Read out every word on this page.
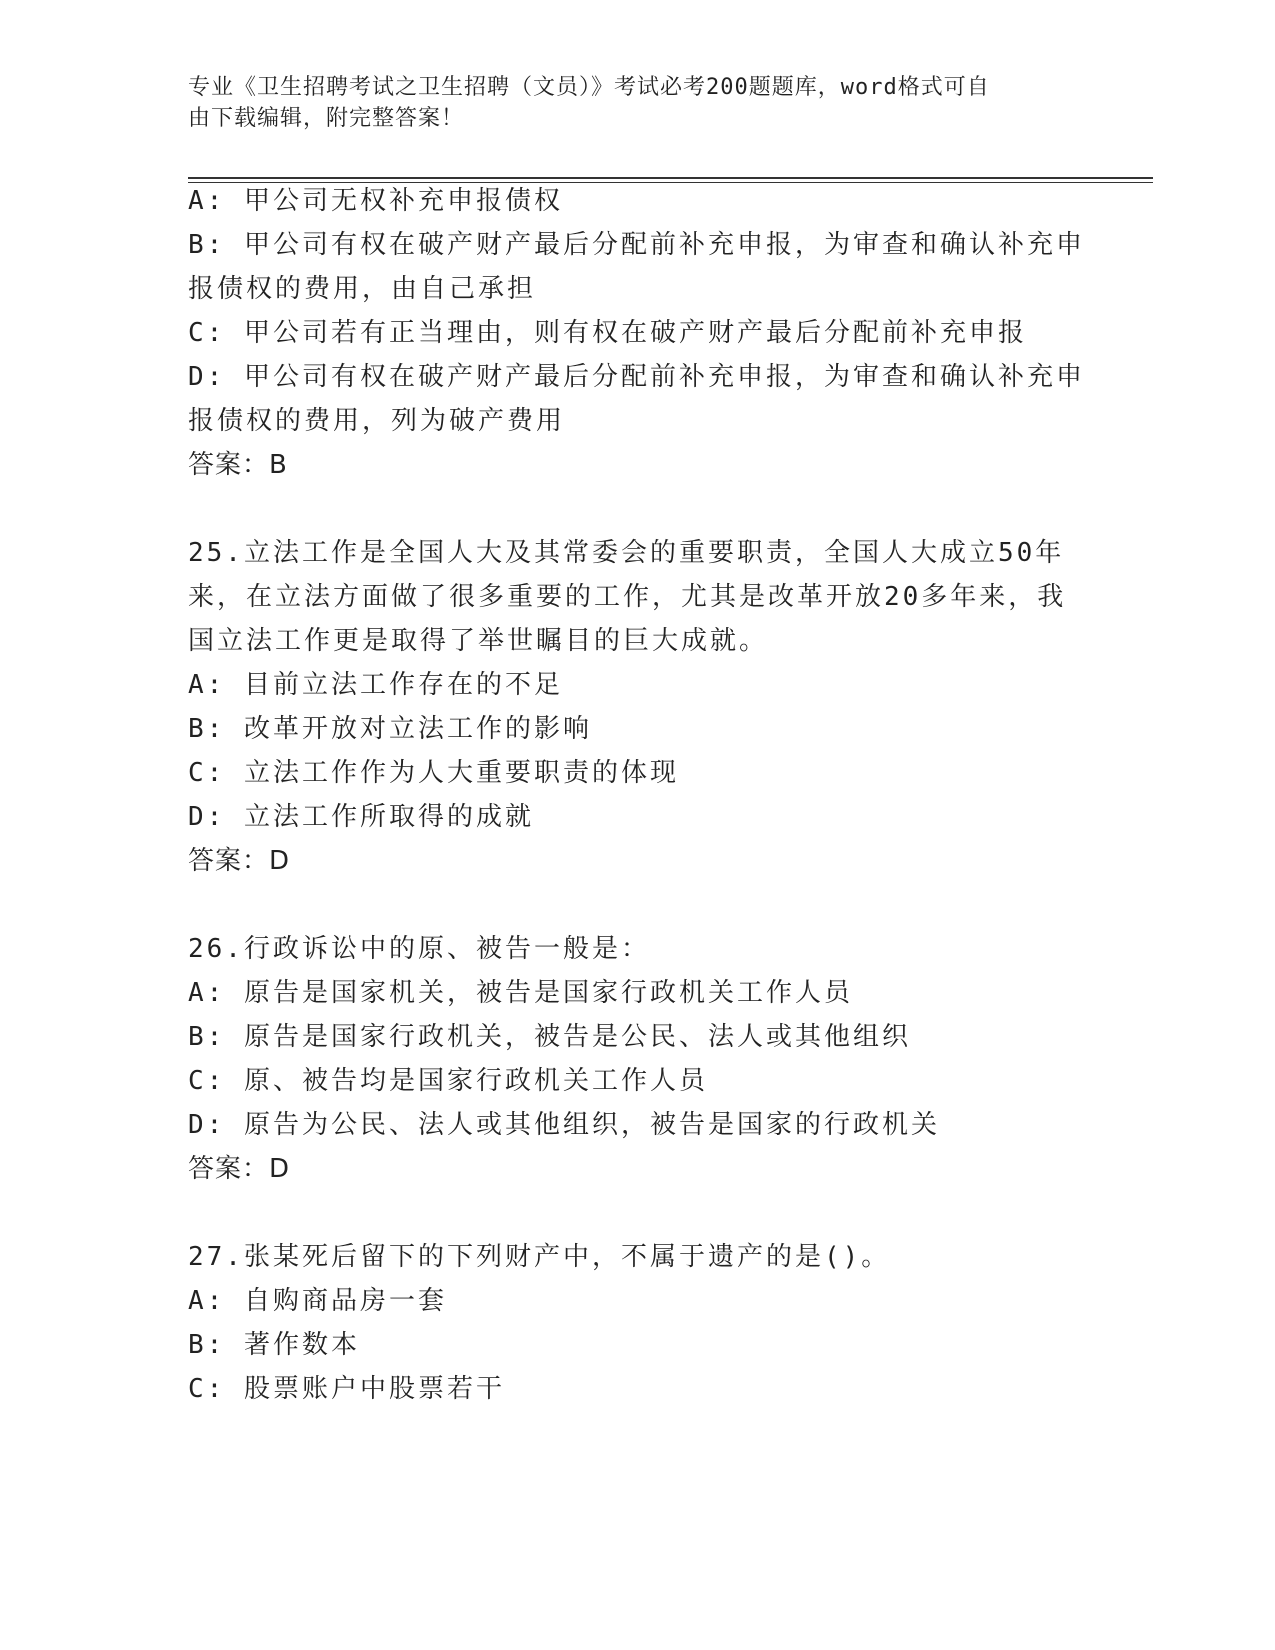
专业《卫生招聘考试之卫生招聘（文员）》考试必考200题题库，word格式可自
由下载编辑，附完整答案！
A: 甲公司无权补充申报债权
B: 甲公司有权在破产财产最后分配前补充申报，为审查和确认补充申
报债权的费用，由自己承担
C: 甲公司若有正当理由，则有权在破产财产最后分配前补充申报
D: 甲公司有权在破产财产最后分配前补充申报，为审查和确认补充申
报债权的费用，列为破产费用
答案：B
25.立法工作是全国人大及其常委会的重要职责，全国人大成立50年
来，在立法方面做了很多重要的工作，尤其是改革开放20多年来，我
国立法工作更是取得了举世瞩目的巨大成就。
A: 目前立法工作存在的不足
B: 改革开放对立法工作的影响
C: 立法工作作为人大重要职责的体现
D: 立法工作所取得的成就
答案：D
26.行政诉讼中的原、被告一般是：
A: 原告是国家机关，被告是国家行政机关工作人员
B: 原告是国家行政机关，被告是公民、法人或其他组织
C: 原、被告均是国家行政机关工作人员
D: 原告为公民、法人或其他组织，被告是国家的行政机关
答案：D
27.张某死后留下的下列财产中，不属于遗产的是()。
A: 自购商品房一套
B: 著作数本
C: 股票账户中股票若干
